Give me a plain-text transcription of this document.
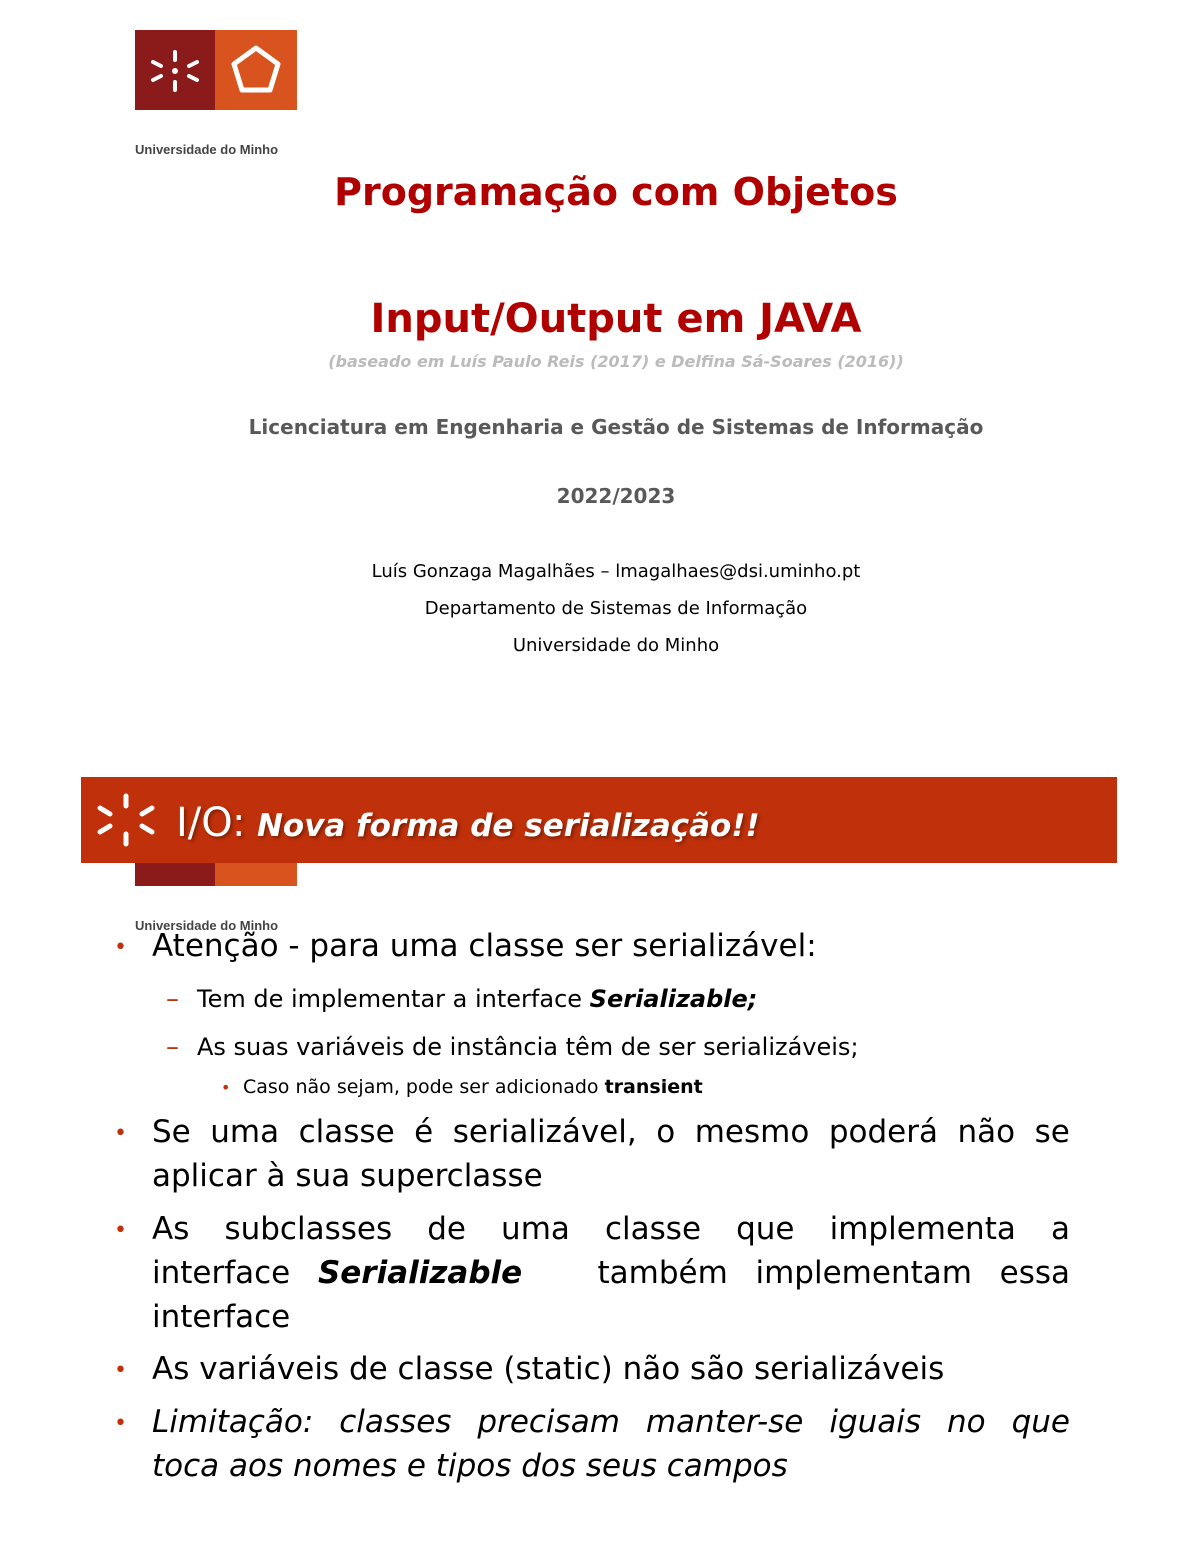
Universidade do Minho
Programação com Objetos
Input/Output em JAVA
(baseado em Luís Paulo Reis (2017) e Delfina Sá-Soares (2016))
Licenciatura em Engenharia e Gestão de Sistemas de Informação
2022/2023
Luís Gonzaga Magalhães – lmagalhaes@dsi.uminho.pt
Departamento de Sistemas de Informação
Universidade do Minho
I/O: Nova forma de serialização!!
Universidade do Minho
• Atenção - para uma classe ser serializável:
– Tem de implementar a interface Serializable;
– As suas variáveis de instância têm de ser serializáveis;
• Caso não sejam, pode ser adicionado transient
• Se uma classe é serializável, o mesmo poderá não se
aplicar à sua superclasse
• As subclasses de uma classe que implementa a
interface Serializable também implementam essa
interface
• As variáveis de classe (static) não são serializáveis
• Limitação: classes precisam manter-se iguais no que
toca aos nomes e tipos dos seus campos
